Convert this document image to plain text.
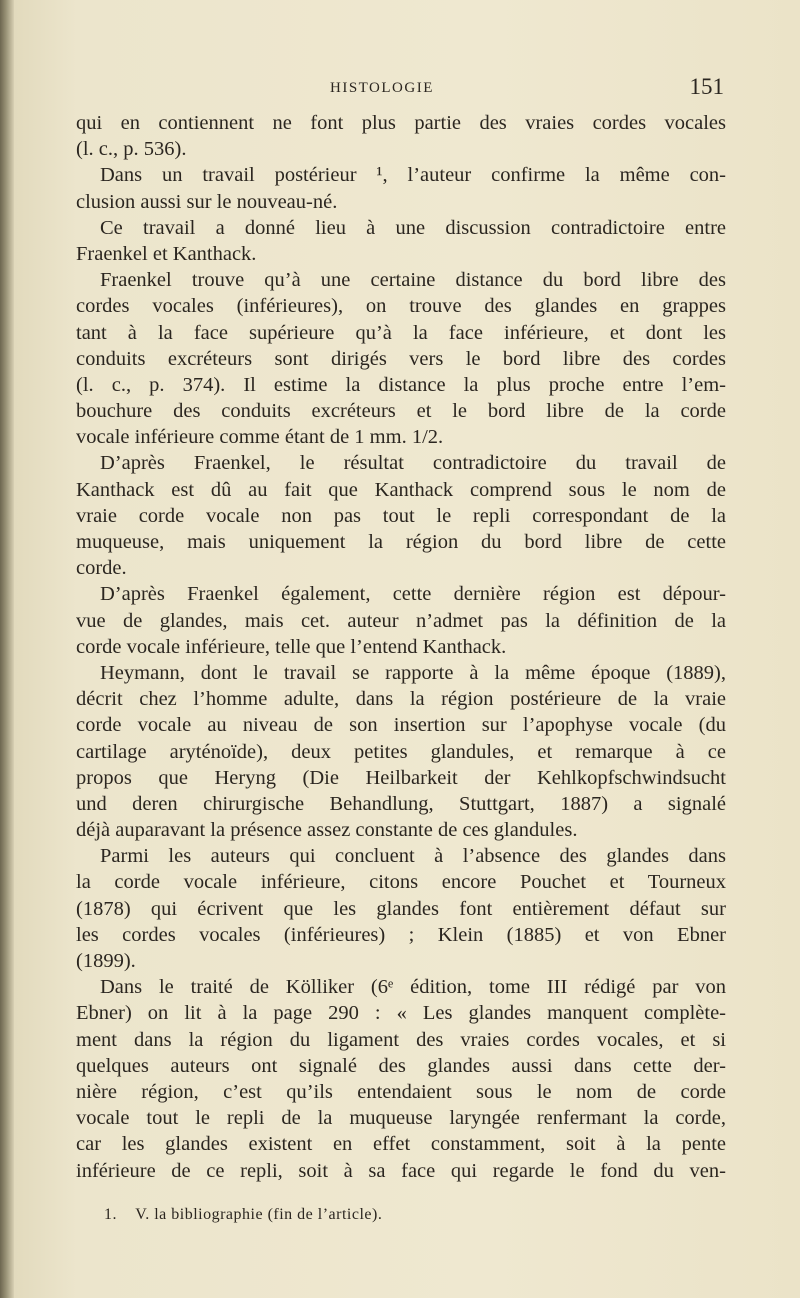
HISTOLOGIE	151
qui en contiennent ne font plus partie des vraies cordes vocales
(l. c., p. 536).
Dans un travail postérieur ¹, l’auteur confirme la même con-
clusion aussi sur le nouveau-né.
Ce travail a donné lieu à une discussion contradictoire entre
Fraenkel et Kanthack.
Fraenkel trouve qu’à une certaine distance du bord libre des
cordes vocales (inférieures), on trouve des glandes en grappes
tant à la face supérieure qu’à la face inférieure, et dont les
conduits excréteurs sont dirigés vers le bord libre des cordes
(l. c., p. 374). Il estime la distance la plus proche entre l’em-
bouchure des conduits excréteurs et le bord libre de la corde
vocale inférieure comme étant de 1 mm. 1/2.
D’après Fraenkel, le résultat contradictoire du travail de
Kanthack est dû au fait que Kanthack comprend sous le nom de
vraie corde vocale non pas tout le repli correspondant de la
muqueuse, mais uniquement la région du bord libre de cette
corde.
D’après Fraenkel également, cette dernière région est dépour-
vue de glandes, mais cet. auteur n’admet pas la définition de la
corde vocale inférieure, telle que l’entend Kanthack.
Heymann, dont le travail se rapporte à la même époque (1889),
décrit chez l’homme adulte, dans la région postérieure de la vraie
corde vocale au niveau de son insertion sur l’apophyse vocale (du
cartilage aryténoïde), deux petites glandules, et remarque à ce
propos que Heryng (Die Heilbarkeit der Kehlkopfschwindsucht
und deren chirurgische Behandlung, Stuttgart, 1887) a signalé
déjà auparavant la présence assez constante de ces glandules.
Parmi les auteurs qui concluent à l’absence des glandes dans
la corde vocale inférieure, citons encore Pouchet et Tourneux
(1878) qui écrivent que les glandes font entièrement défaut sur
les cordes vocales (inférieures) ; Klein (1885) et von Ebner
(1899).
Dans le traité de Kölliker (6ᵉ édition, tome III rédigé par von
Ebner) on lit à la page 290 : « Les glandes manquent complète-
ment dans la région du ligament des vraies cordes vocales, et si
quelques auteurs ont signalé des glandes aussi dans cette der-
nière région, c’est qu’ils entendaient sous le nom de corde
vocale tout le repli de la muqueuse laryngée renfermant la corde,
car les glandes existent en effet constamment, soit à la pente
inférieure de ce repli, soit à sa face qui regarde le fond du ven-
1. V. la bibliographie (fin de l’article).
